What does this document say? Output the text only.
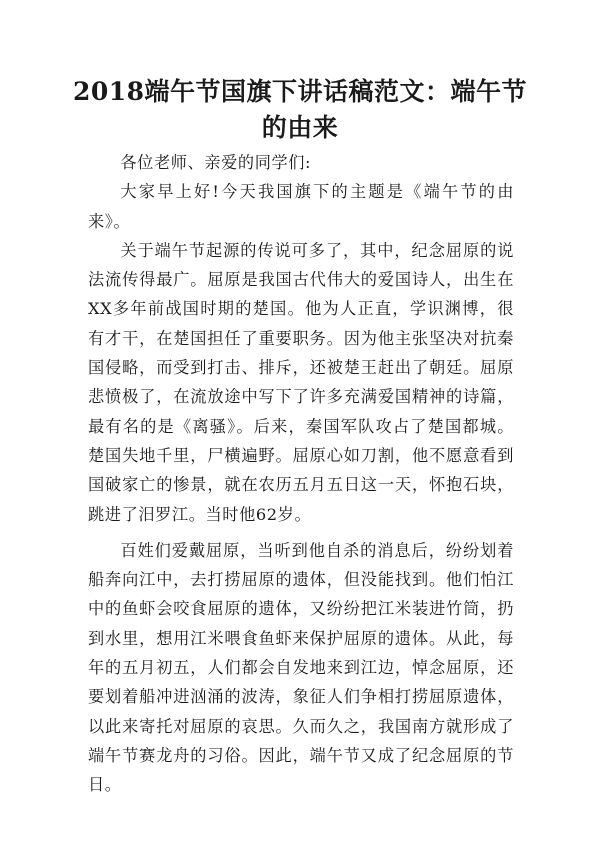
2018端午节国旗下讲话稿范文：端午节的由来

各位老师、亲爱的同学们:

大家早上好!今天我国旗下的主题是《端午节的由来》。

关于端午节起源的传说可多了，其中，纪念屈原的说法流传得最广。屈原是我国古代伟大的爱国诗人，出生在XX多年前战国时期的楚国。他为人正直，学识渊博，很有才干，在楚国担任了重要职务。因为他主张坚决对抗秦国侵略，而受到打击、排斥，还被楚王赶出了朝廷。屈原悲愤极了，在流放途中写下了许多充满爱国精神的诗篇，最有名的是《离骚》。后来，秦国军队攻占了楚国都城。楚国失地千里，尸横遍野。屈原心如刀割，他不愿意看到国破家亡的惨景，就在农历五月五日这一天，怀抱石块，跳进了汨罗江。当时他62岁。

百姓们爱戴屈原，当听到他自杀的消息后，纷纷划着船奔向江中，去打捞屈原的遗体，但没能找到。他们怕江中的鱼虾会咬食屈原的遗体，又纷纷把江米装进竹筒，扔到水里，想用江米喂食鱼虾来保护屈原的遗体。从此，每年的五月初五，人们都会自发地来到江边，悼念屈原，还要划着船冲进汹涌的波涛，象征人们争相打捞屈原遗体，以此来寄托对屈原的哀思。久而久之，我国南方就形成了端午节赛龙舟的习俗。因此，端午节又成了纪念屈原的节日。
